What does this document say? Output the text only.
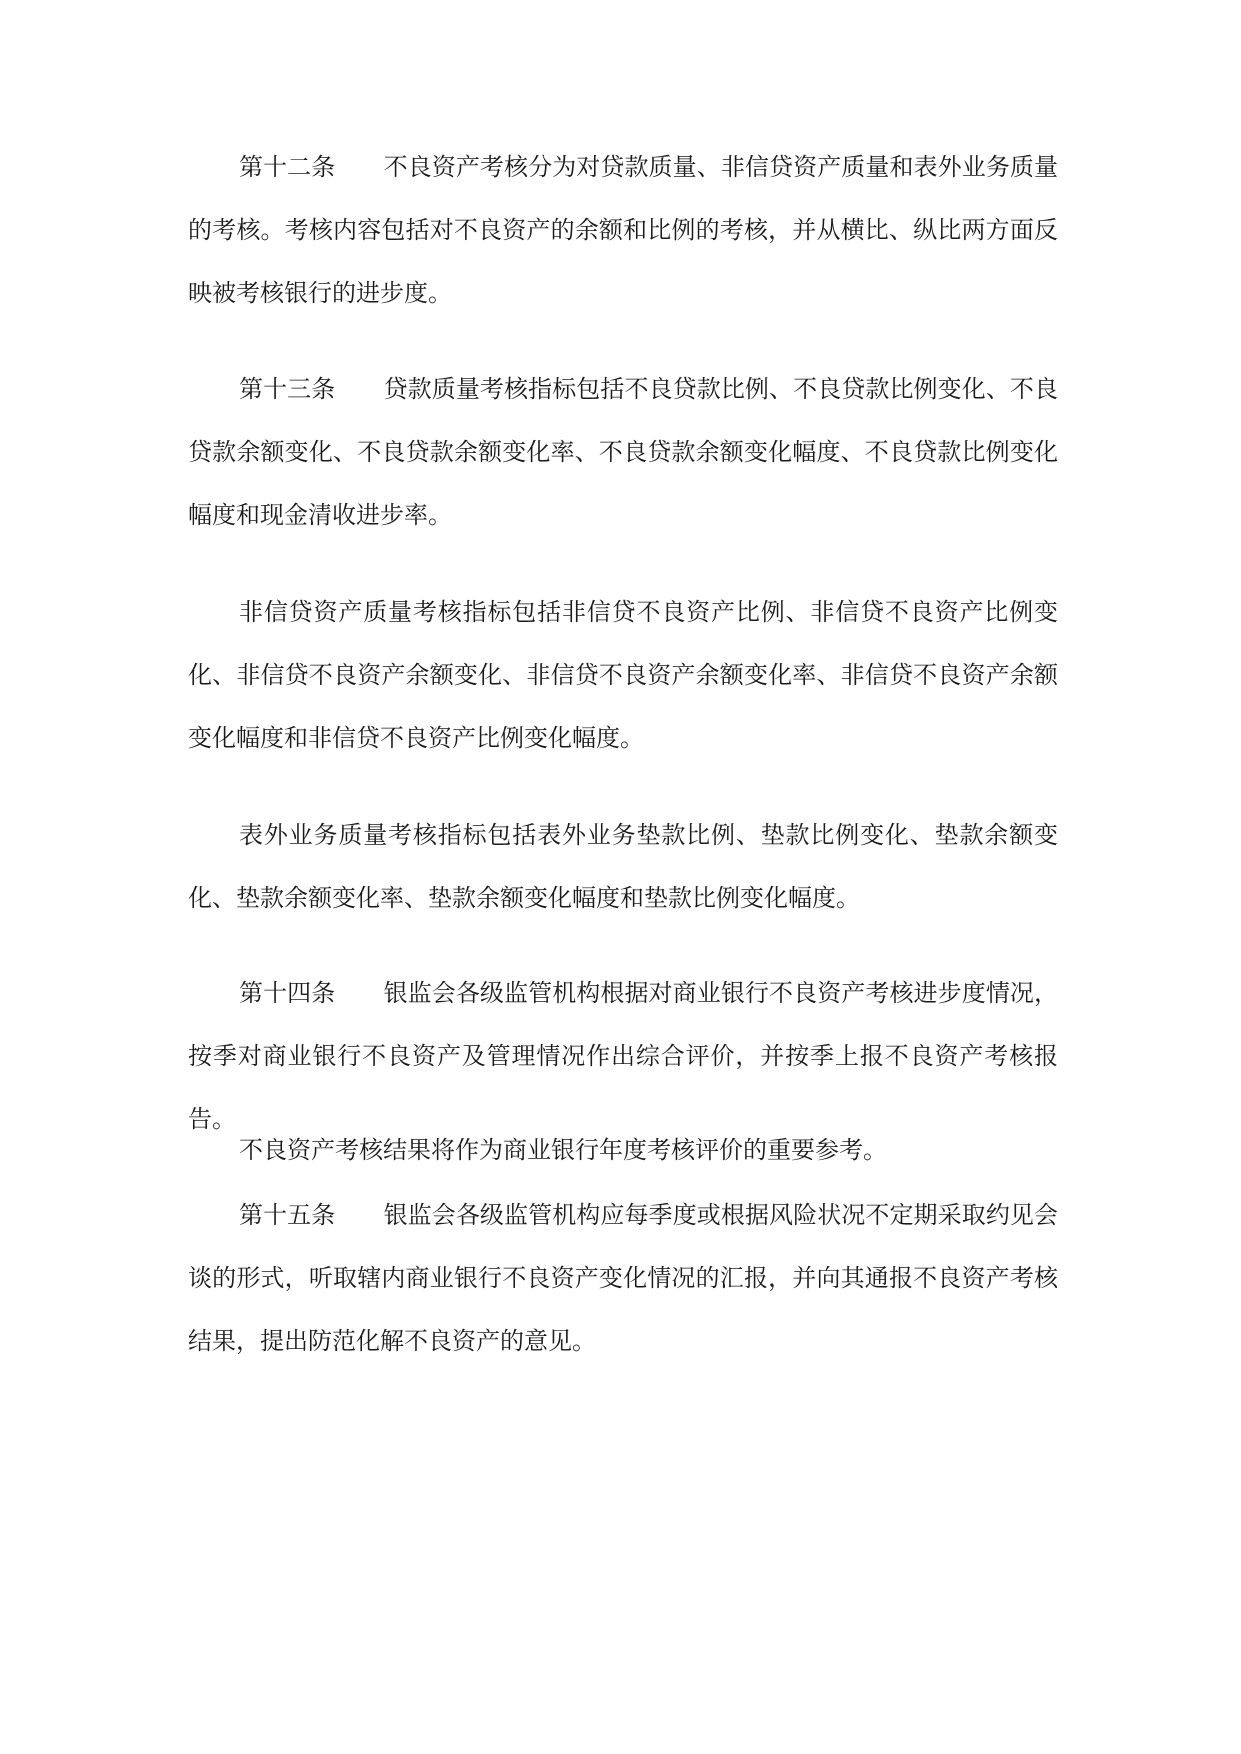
第十二条　　 不良资产考核分为对贷款质量、非信贷资产质量和表外业务质量的考核。考核内容包括对不良资产的余额和比例的考核，并从横比、纵比两方面反映被考核银行的进步度。

第十三条　　 贷款质量考核指标包括不良贷款比例、不良贷款比例变化、不良贷款余额变化、不良贷款余额变化率、不良贷款余额变化幅度、不良贷款比例变化幅度和现金清收进步率。

非信贷资产质量考核指标包括非信贷不良资产比例、非信贷不良资产比例变化、非信贷不良资产余额变化、非信贷不良资产余额变化率、非信贷不良资产余额变化幅度和非信贷不良资产比例变化幅度。

表外业务质量考核指标包括表外业务垫款比例、垫款比例变化、垫款余额变化、垫款余额变化率、垫款余额变化幅度和垫款比例变化幅度。

第十四条　　 银监会各级监管机构根据对商业银行不良资产考核进步度情况，按季对商业银行不良资产及管理情况作出综合评价，并按季上报不良资产考核报告。

不良资产考核结果将作为商业银行年度考核评价的重要参考。

第十五条　　 银监会各级监管机构应每季度或根据风险状况不定期采取约见会谈的形式，听取辖内商业银行不良资产变化情况的汇报，并向其通报不良资产考核结果，提出防范化解不良资产的意见。
